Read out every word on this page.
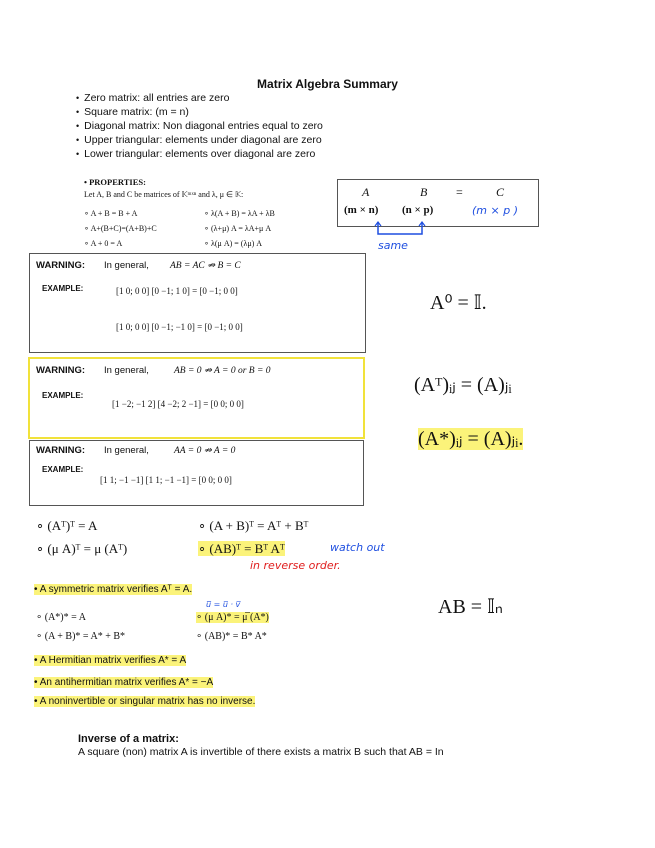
Matrix Algebra Summary
• Zero matrix: all entries are zero
• Square matrix: (m = n)
• Diagonal matrix: Non diagonal entries equal to zero
• Upper triangular: elements under diagonal are zero
• Lower triangular: elements over diagonal are zero
• PROPERTIES:
Let A, B and C be matrices of 𝕂ᵐˣⁿ and λ, μ ∈ 𝕂:
∘ A + B = B + A	∘ λ(A + B) = λA + λB
∘ A+(B+C)=(A+B)+C	∘ (λ+μ) A = λA+μ A
∘ A + 0 = A	∘ λ(μ A) = (λμ) A
A	B =	C
(m × n) (n × p)	(m × p )
same
WARNING: In general, AB = AC ⇏ B = C
EXAMPLE:	[1 0; 0 0] [0 −1; 1 0] = [0 −1; 0 0]
[1 0; 0 0] [0 −1; −1 0] = [0 −1; 0 0]
WARNING: In general,	AB = 0 ⇏ A = 0 or B = 0
EXAMPLE:
[1 −2; −1 2] [4 −2; 2 −1] = [0 0; 0 0]
WARNING: In general,	AA = 0 ⇏ A = 0
EXAMPLE:
[1 1; −1 −1] [1 1; −1 −1] = [0 0; 0 0]
A⁰ = 𝕀.
(Aᵀ)ᵢⱼ = (A)ⱼᵢ
(A*)ᵢⱼ = (A)ⱼᵢ.
AB = 𝕀ₙ
∘ (Aᵀ)ᵀ = A	∘ (A + B)ᵀ = Aᵀ + Bᵀ
∘ (μ A)ᵀ = μ (Aᵀ)	∘ (AB)ᵀ = Bᵀ Aᵀ	watch out
in reverse order.
• A symmetric matrix verifies Aᵀ = A.
u̅̅ = u̅ · v̅
∘ (A*)* = A	∘ (μ A)* = μ̅ (A*)
∘ (A + B)* = A* + B*	∘ (AB)* = B* A*
• A Hermitian matrix verifies A* = A
• An antihermitian matrix verifies A* = −A
• A noninvertible or singular matrix has no inverse.
Inverse of a matrix:
A square (non) matrix A is invertible of there exists a matrix B such that AB = In
